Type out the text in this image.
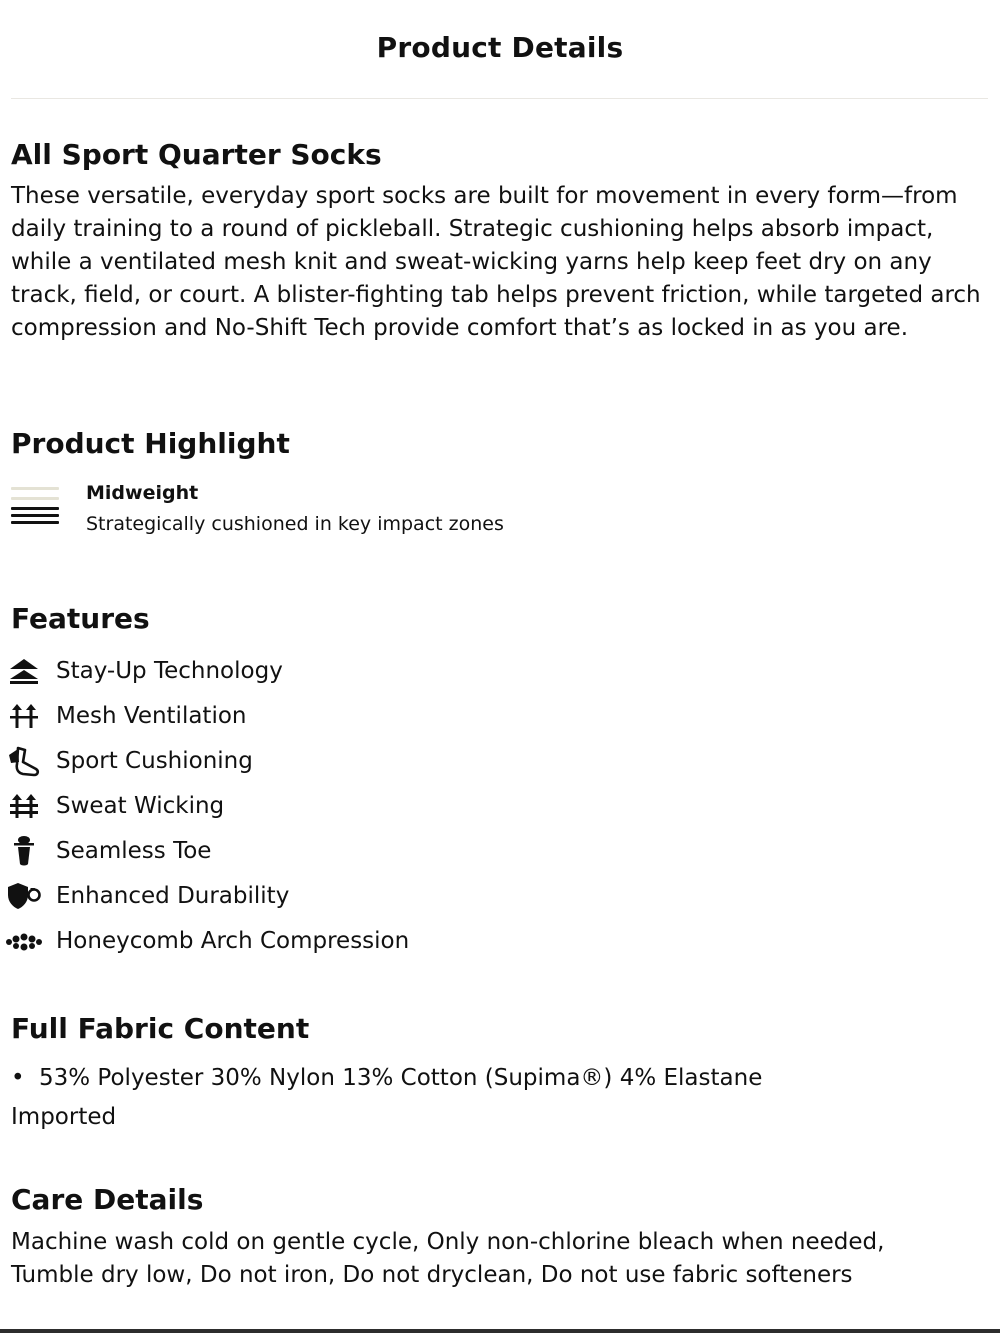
Product Details
All Sport Quarter Socks

These versatile, everyday sport socks are built for movement in every form—from daily training to a round of pickleball. Strategic cushioning helps absorb impact, while a ventilated mesh knit and sweat-wicking yarns help keep feet dry on any track, field, or court. A blister-fighting tab helps prevent friction, while targeted arch compression and No-Shift Tech provide comfort that’s as locked in as you are.

Product Highlight
Midweight
Strategically cushioned in key impact zones
Features
Stay-Up Technology
Mesh Ventilation
Sport Cushioning
Sweat Wicking
Seamless Toe
Enhanced Durability
Honeycomb Arch Compression
Full Fabric Content
• 53% Polyester 30% Nylon 13% Cotton (Supima®) 4% Elastane
Imported
Care Details

Machine wash cold on gentle cycle, Only non-chlorine bleach when needed,
Tumble dry low, Do not iron, Do not dryclean, Do not use fabric softeners
